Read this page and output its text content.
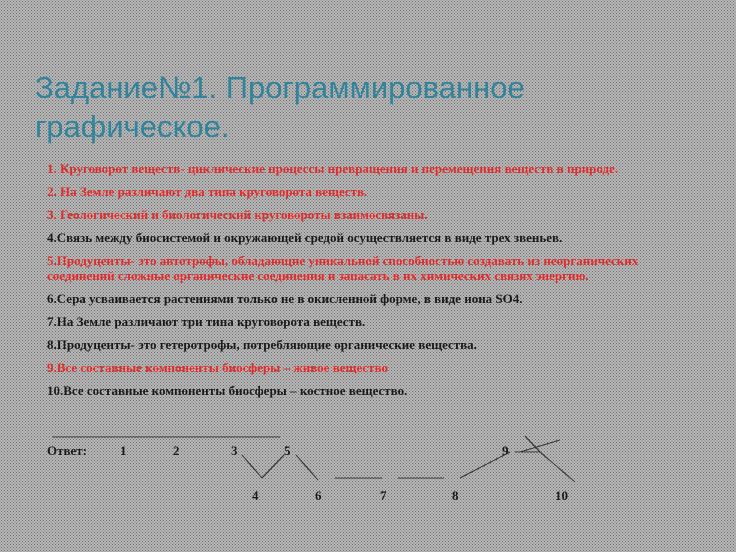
Задание№1. Программированное
графическое.

1. Круговорот веществ- циклические процессы превращения и перемещения веществ в природе.

2. На Земле различают два типа круговорота веществ.

3. Геологический и биологический круговороты взаимосвязаны.

4.Связь между биосистемой и окружающей средой осуществляется в виде трех звеньев.

5.Продуценты- это автотрофы, обладающие уникальной способностью создавать из неорганических соединений сложные органические соединения и запасать в их химических связях энергию.

6.Сера усваивается растениями только не в окисленной форме, в виде иона SO4.

7.На Земле различают три типа круговорота веществ.

8.Продуценты- это гетеротрофы, потребляющие органические вещества.

9.Все составные компоненты биосферы – живое вещество

10.Все составные компоненты биосферы – костное вещество.

Ответ:	1	2	3	5	9
4	6	7	8	10
